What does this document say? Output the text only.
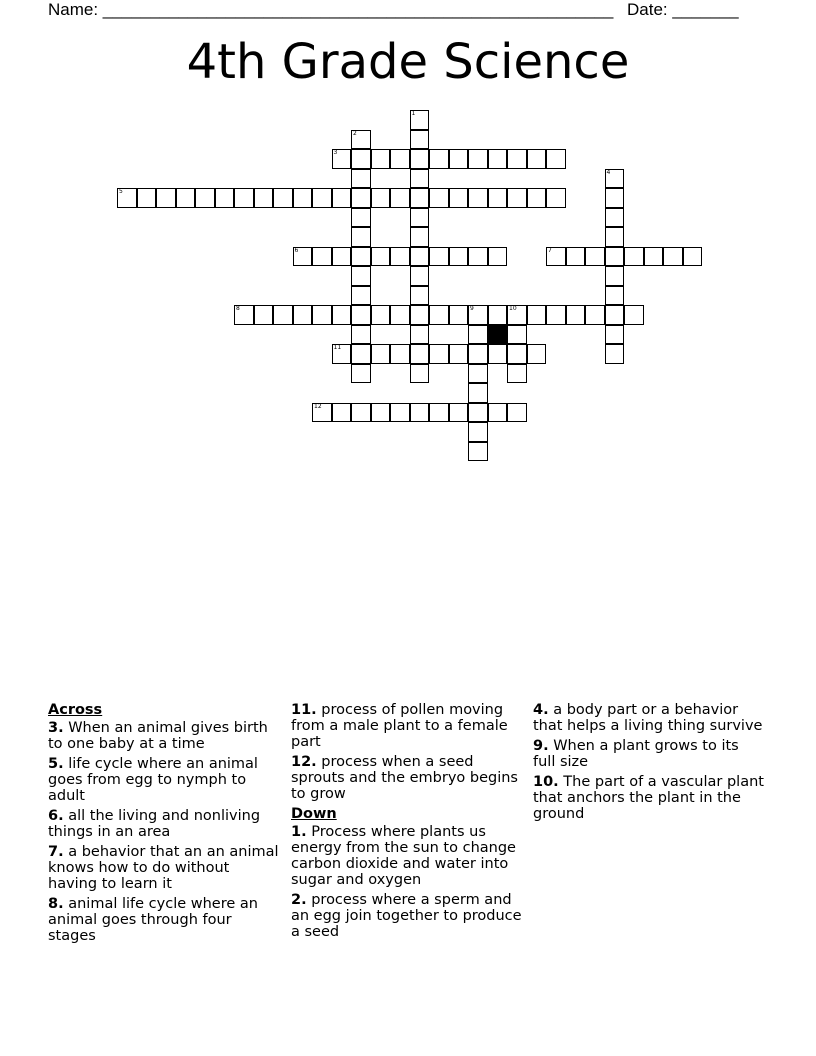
Name: ______________________________________________________ Date: _______
4th Grade Science
1
2
3
4
5
6	7
8	9	10
11
12
Across
3. When an animal gives birth to one baby at a time
5. life cycle where an animal goes from egg to nymph to adult
6. all the living and nonliving things in an area
7. a behavior that an an animal knows how to do without having to learn it
8. animal life cycle where an animal goes through four stages
11. process of pollen moving from a male plant to a female part
12. process when a seed sprouts and the embryo begins to grow
Down
1. Process where plants us energy from the sun to change carbon dioxide and water into sugar and oxygen
2. process where a sperm and an egg join together to produce a seed
4. a body part or a behavior that helps a living thing survive
9. When a plant grows to its full size
10. The part of a vascular plant that anchors the plant in the ground
